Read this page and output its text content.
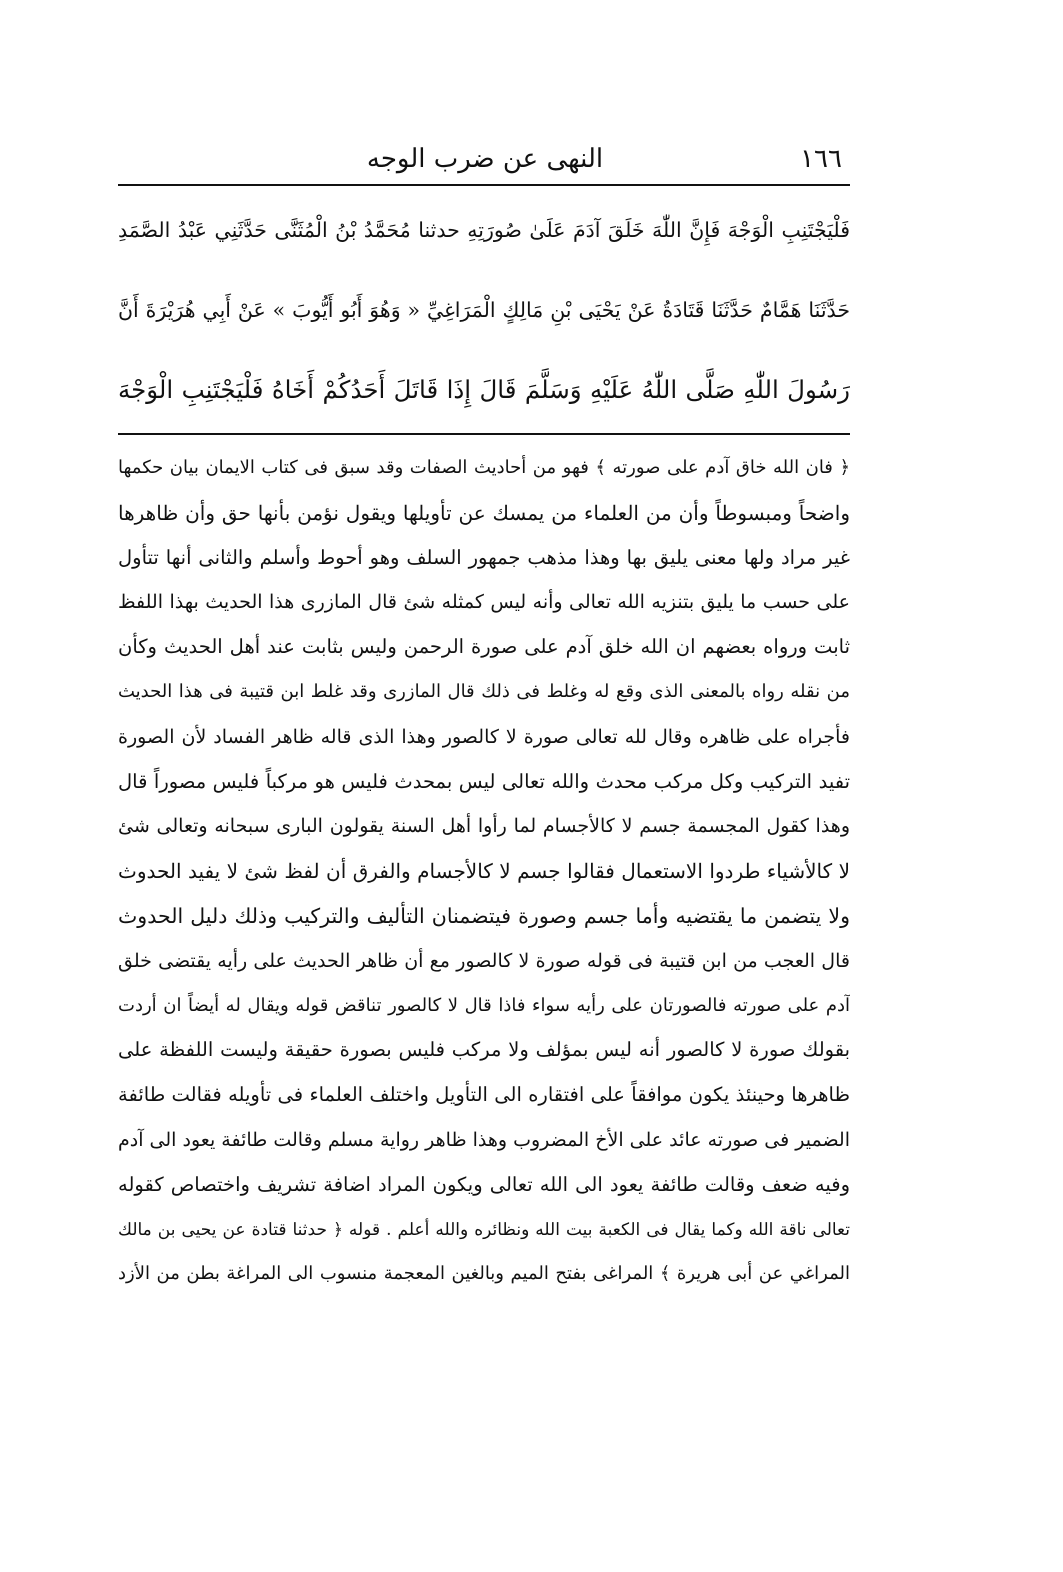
١٦٦
النهى عن ضرب الوجه
فَلْيَجْتَنِبِ الْوَجْهَ فَإِنَّ اللّٰهَ خَلَقَ آدَمَ عَلَىٰ صُورَتِهِ حدثنا مُحَمَّدُ بْنُ الْمُثَنَّى حَدَّثَنِي عَبْدُ الصَّمَدِ
حَدَّثَنَا هَمَّامٌ حَدَّثَنَا قَتَادَةُ عَنْ يَحْيَى بْنِ مَالِكٍ الْمَرَاغِيِّ « وَهُوَ أَبُو أَيُّوبَ » عَنْ أَبِي هُرَيْرَةَ أَنَّ
رَسُولَ اللّٰهِ صَلَّى اللّٰهُ عَلَيْهِ وَسَلَّمَ قَالَ إِذَا قَاتَلَ أَحَدُكُمْ أَخَاهُ فَلْيَجْتَنِبِ الْوَجْهَ
﴿ فان الله خاق آدم على صورته ﴾ فهو من أحاديث الصفات وقد سبق فى كتاب الايمان بيان حكمها
واضحاً ومبسوطاً وأن من العلماء من يمسك عن تأويلها ويقول نؤمن بأنها حق وأن ظاهرها
غير مراد ولها معنى يليق بها وهذا مذهب جمهور السلف وهو أحوط وأسلم والثانى أنها تتأول
على حسب ما يليق بتنزيه الله تعالى وأنه ليس كمثله شئ قال المازرى هذا الحديث بهذا اللفظ
ثابت ورواه بعضهم ان الله خلق آدم على صورة الرحمن وليس بثابت عند أهل الحديث وكأن
من نقله رواه بالمعنى الذى وقع له وغلط فى ذلك قال المازرى وقد غلط ابن قتيبة فى هذا الحديث
فأجراه على ظاهره وقال لله تعالى صورة لا كالصور وهذا الذى قاله ظاهر الفساد لأن الصورة
تفيد التركيب وكل مركب محدث والله تعالى ليس بمحدث فليس هو مركباً فليس مصوراً قال
وهذا كقول المجسمة جسم لا كالأجسام لما رأوا أهل السنة يقولون البارى سبحانه وتعالى شئ
لا كالأشياء طردوا الاستعمال فقالوا جسم لا كالأجسام والفرق أن لفظ شئ لا يفيد الحدوث
ولا يتضمن ما يقتضيه وأما جسم وصورة فيتضمنان التأليف والتركيب وذلك دليل الحدوث
قال العجب من ابن قتيبة فى قوله صورة لا كالصور مع أن ظاهر الحديث على رأيه يقتضى خلق
آدم على صورته فالصورتان على رأيه سواء فاذا قال لا كالصور تناقض قوله ويقال له أيضاً ان أردت
بقولك صورة لا كالصور أنه ليس بمؤلف ولا مركب فليس بصورة حقيقة وليست اللفظة على
ظاهرها وحينئذ يكون موافقاً على افتقاره الى التأويل واختلف العلماء فى تأويله فقالت طائفة
الضمير فى صورته عائد على الأخ المضروب وهذا ظاهر رواية مسلم وقالت طائفة يعود الى آدم
وفيه ضعف وقالت طائفة يعود الى الله تعالى ويكون المراد اضافة تشريف واختصاص كقوله
تعالى ناقة الله وكما يقال فى الكعبة بيت الله ونظائره والله أعلم . قوله ﴿ حدثنا قتادة عن يحيى بن مالك
المراغي عن أبى هريرة ﴾ المراغى بفتح الميم وبالغين المعجمة منسوب الى المراغة بطن من الأزد
